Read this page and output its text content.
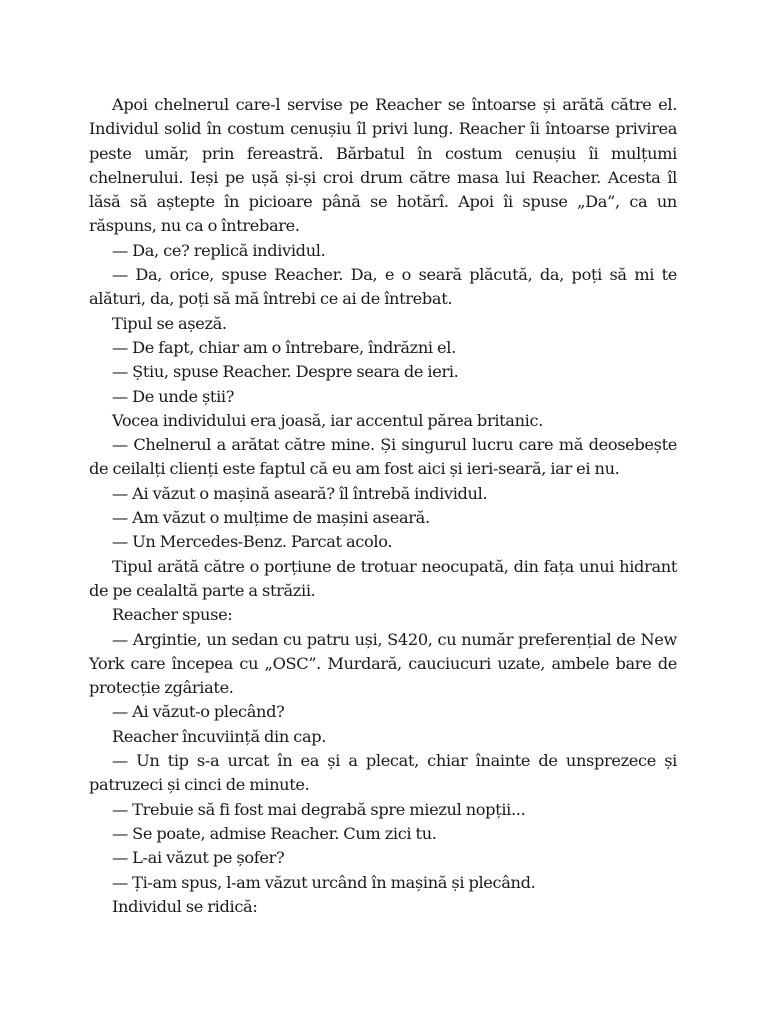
Apoi chelnerul care-l servise pe Reacher se întoarse și arătă către el. Individul solid în costum cenușiu îl privi lung. Reacher îi întoarse privirea peste umăr, prin fereastră. Bărbatul în costum cenușiu îi mulțumi chelnerului. Ieși pe ușă și-și croi drum către masa lui Reacher. Acesta îl lăsă să aștepte în picioare până se hotărî. Apoi îi spuse „Da”, ca un răspuns, nu ca o întrebare.

— Da, ce? replică individul.

— Da, orice, spuse Reacher. Da, e o seară plăcută, da, poți să mi te alături, da, poți să mă întrebi ce ai de întrebat.

Tipul se așeză.

— De fapt, chiar am o întrebare, îndrăzni el.

— Știu, spuse Reacher. Despre seara de ieri.

— De unde știi?

Vocea individului era joasă, iar accentul părea britanic.

— Chelnerul a arătat către mine. Și singurul lucru care mă deosebește de ceilalți clienți este faptul că eu am fost aici și ieri-seară, iar ei nu.

— Ai văzut o mașină aseară? îl întrebă individul.

— Am văzut o mulțime de mașini aseară.

— Un Mercedes-Benz. Parcat acolo.

Tipul arătă către o porțiune de trotuar neocupată, din fața unui hidrant de pe cealaltă parte a străzii.

Reacher spuse:

— Argintie, un sedan cu patru uși, S420, cu număr preferențial de New York care începea cu „OSC”. Murdară, cauciucuri uzate, ambele bare de protecție zgâriate.

— Ai văzut-o plecând?

Reacher încuviință din cap.

— Un tip s-a urcat în ea și a plecat, chiar înainte de unsprezece și patruzeci și cinci de minute.

— Trebuie să fi fost mai degrabă spre miezul nopții...

— Se poate, admise Reacher. Cum zici tu.

— L-ai văzut pe șofer?

— Ți-am spus, l-am văzut urcând în mașină și plecând.

Individul se ridică:
